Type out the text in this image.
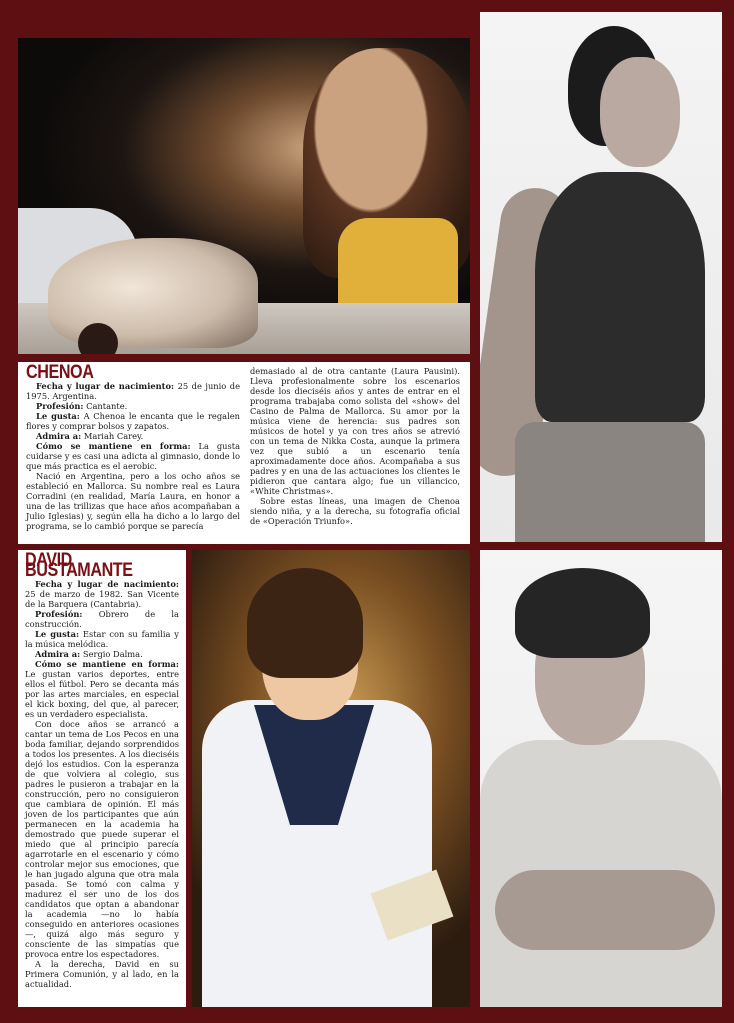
CHENOA

Fecha y lugar de nacimiento: 25 de junio de 1975. Argentina.

Profesión: Cantante.

Le gusta: A Chenoa le encanta que le regalen flores y comprar bolsos y zapatos.

Admira a: Mariah Carey.

Cómo se mantiene en forma: La gusta cuidarse y es casi una adicta al gimnasio, donde lo que más practica es el aerobic.

Nació en Argentina, pero a los ocho años se estableció en Mallorca. Su nombre real es Laura Corradini (en realidad, María Laura, en honor a una de las trillizas que hace años acompañaban a Julio Iglesias) y, según ella ha dicho a lo largo del programa, se lo cambió porque se parecía

demasiado al de otra cantante (Laura Pausini). Lleva profesionalmente sobre los escenarios desde los dieciséis años y antes de entrar en el programa trabajaba como solista del «show» del Casino de Palma de Mallorca. Su amor por la música viene de herencia: sus padres son músicos de hotel y ya con tres años se atrevió con un tema de Nikka Costa, aunque la primera vez que subió a un escenario tenía aproximadamente doce años. Acompañaba a sus padres y en una de las actuaciones los clientes le pidieron que cantara algo; fue un villancico, «White Christmas».

Sobre estas líneas, una imagen de Chenoa siendo niña, y a la derecha, su fotografía oficial de «Operación Triunfo».

DAVID BUSTAMANTE

Fecha y lugar de nacimiento: 25 de marzo de 1982. San Vicente de la Barquera (Cantabria).

Profesión: Obrero de la construcción.

Le gusta: Estar con su familia y la música melódica.

Admira a: Sergio Dalma.

Cómo se mantiene en forma: Le gustan varios deportes, entre ellos el fútbol. Pero se decanta más por las artes marciales, en especial el kick boxing, del que, al parecer, es un verdadero especialista.

Con doce años se arrancó a cantar un tema de Los Pecos en una boda familiar, dejando sorprendidos a todos los presentes. A los dieciséis dejó los estudios. Con la esperanza de que volviera al colegio, sus padres le pusieron a trabajar en la construcción, pero no consiguieron que cambiara de opinión. El más joven de los participantes que aún permanecen en la academia ha demostrado que puede superar el miedo que al principio parecía agarrotarle en el escenario y cómo controlar mejor sus emociones, que le han jugado alguna que otra mala pasada. Se tomó con calma y madurez el ser uno de los dos candidatos que optan a abandonar la academia —no lo había conseguido en anteriores ocasiones—, quizá algo más seguro y consciente de las simpatías que provoca entre los espectadores.

A la derecha, David en su Primera Comunión, y al lado, en la actualidad.
